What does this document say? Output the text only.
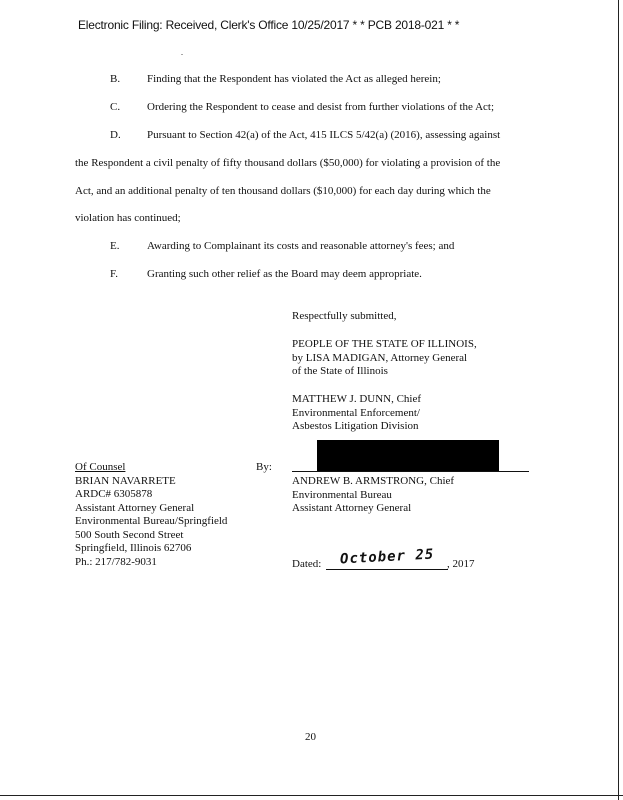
Electronic Filing: Received, Clerk's Office 10/25/2017 * * PCB 2018-021 * *
.
B. Finding that the Respondent has violated the Act as alleged herein;
C. Ordering the Respondent to cease and desist from further violations of the Act;
D. Pursuant to Section 42(a) of the Act, 415 ILCS 5/42(a) (2016), assessing against
the Respondent a civil penalty of fifty thousand dollars ($50,000) for violating a provision of the
Act, and an additional penalty of ten thousand dollars ($10,000) for each day during which the
violation has continued;
E.	Awarding to Complainant its costs and reasonable attorney's fees; and
F.	Granting such other relief as the Board may deem appropriate.
Respectfully submitted,
PEOPLE OF THE STATE OF ILLINOIS,
by LISA MADIGAN, Attorney General
of the State of Illinois
MATTHEW J. DUNN, Chief
Environmental Enforcement/
Asbestos Litigation Division
By:
ANDREW B. ARMSTRONG, Chief
Environmental Bureau
Assistant Attorney General
Of Counsel
BRIAN NAVARRETE
ARDC# 6305878
Assistant Attorney General
Environmental Bureau/Springfield
500 South Second Street
Springfield, Illinois 62706
Ph.: 217/782-9031	Dated: October 25 , 2017
20
